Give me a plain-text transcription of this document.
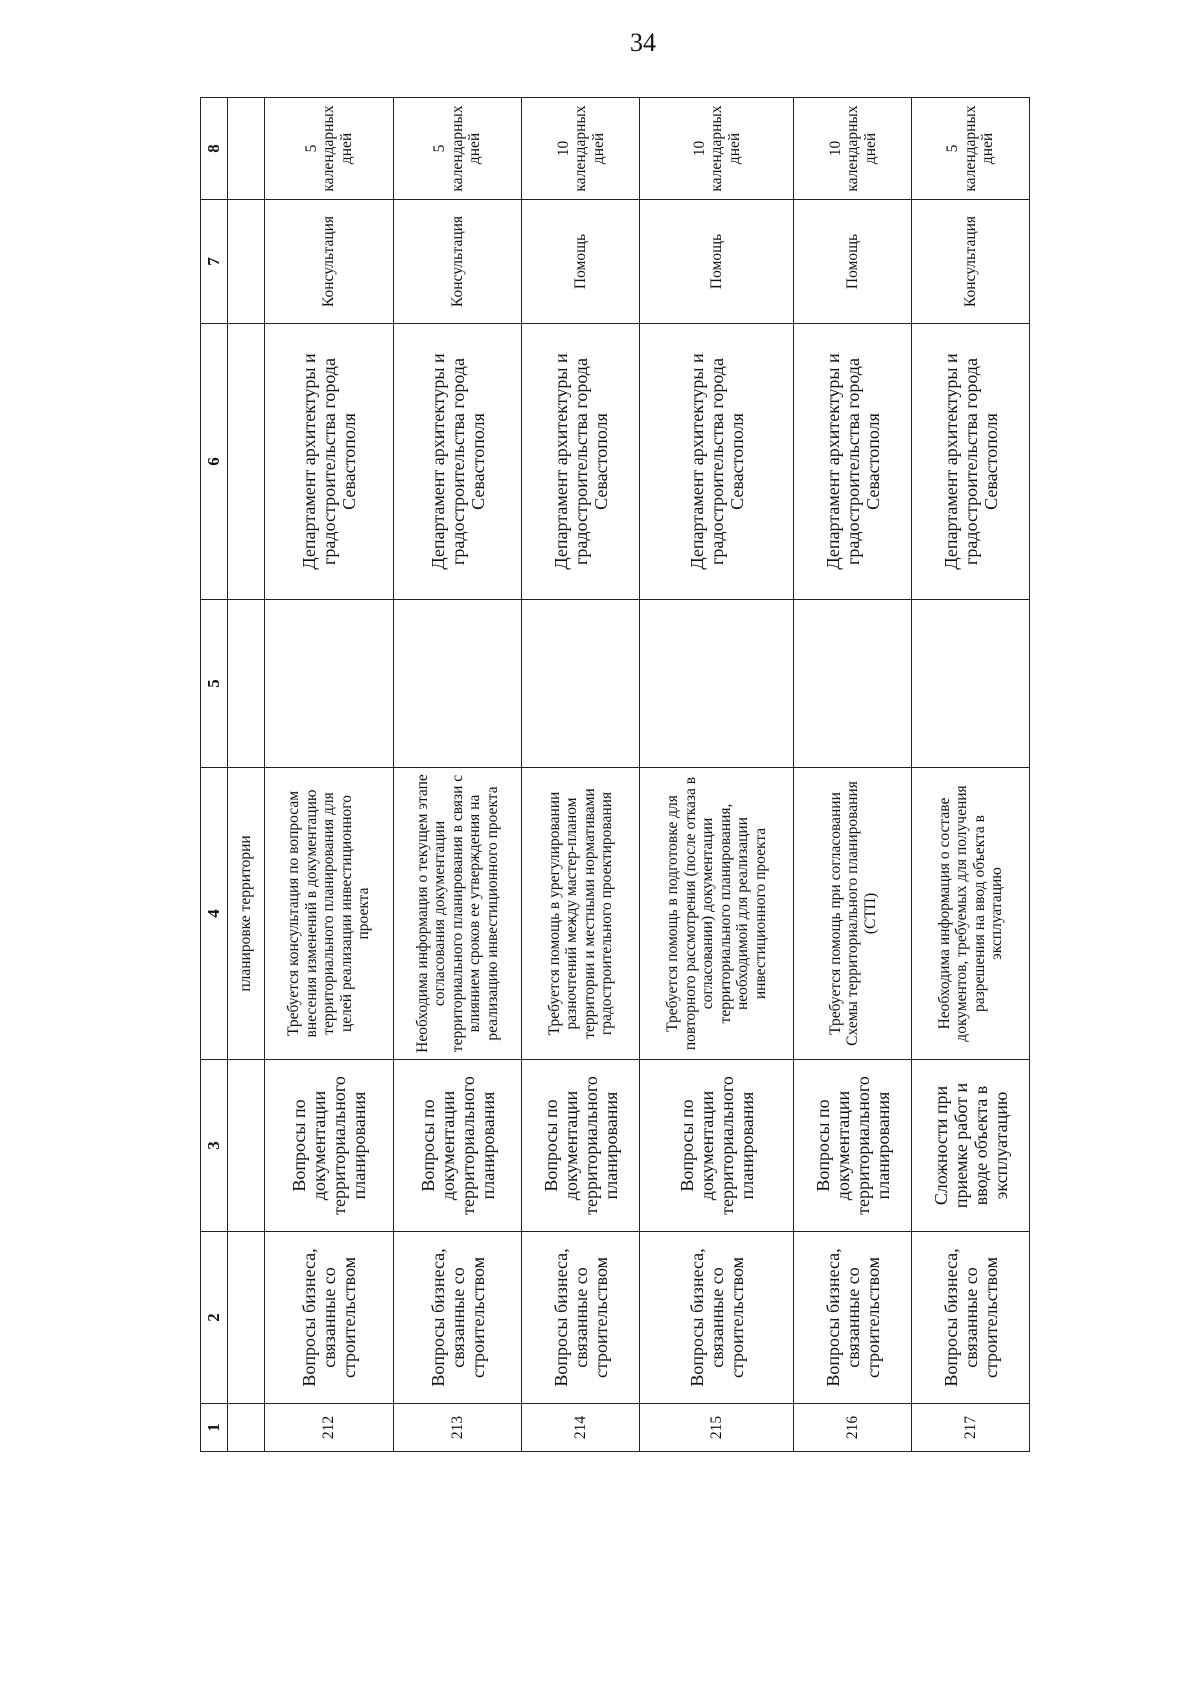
34
1	2	3	4	5	6	7	8
			планировке территории				
212	Вопросы бизнеса, связанные со строительством	Вопросы по документации территориального планирования	Требуется консультация по вопросам внесения изменений в документацию территориального планирования для целей реализации инвестиционного проекта		Департамент архитектуры и градостроительства города Севастополя	Консультация	5 календарных дней
213	Вопросы бизнеса, связанные со строительством	Вопросы по документации территориального планирования	Необходима информация о текущем этапе согласования документации территориального планирования в связи с влиянием сроков ее утверждения на реализацию инвестиционного проекта		Департамент архитектуры и градостроительства города Севастополя	Консультация	5 календарных дней
214	Вопросы бизнеса, связанные со строительством	Вопросы по документации территориального планирования	Требуется помощь в урегулировании разночтений между мастер-планом территории и местными нормативами градостроительного проектирования		Департамент архитектуры и градостроительства города Севастополя	Помощь	10 календарных дней
215	Вопросы бизнеса, связанные со строительством	Вопросы по документации территориального планирования	Требуется помощь в подготовке для повторного рассмотрения (после отказа в согласовании) документации территориального планирования, необходимой для реализации инвестиционного проекта		Департамент архитектуры и градостроительства города Севастополя	Помощь	10 календарных дней
216	Вопросы бизнеса, связанные со строительством	Вопросы по документации территориального планирования	Требуется помощь при согласовании Схемы территориального планирования (СТП)		Департамент архитектуры и градостроительства города Севастополя	Помощь	10 календарных дней
217	Вопросы бизнеса, связанные со строительством	Сложности при приемке работ и вводе объекта в эксплуатацию	Необходима информация о составе документов, требуемых для получения разрешения на ввод объекта в эксплуатацию		Департамент архитектуры и градостроительства города Севастополя	Консультация	5 календарных дней
